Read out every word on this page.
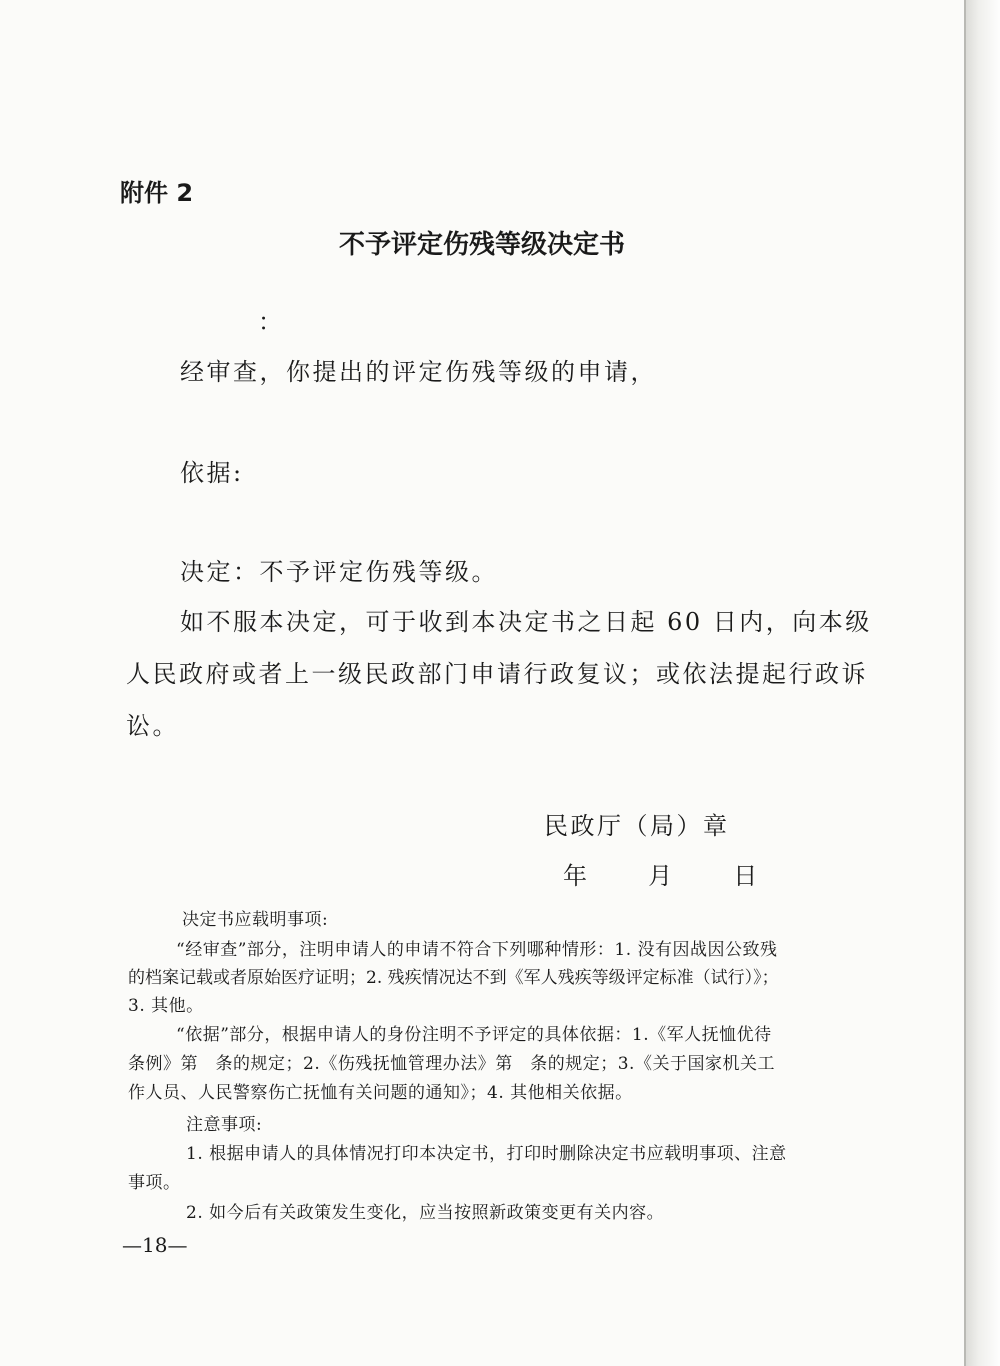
附件 2
不予评定伤残等级决定书
：
经审查，你提出的评定伤残等级的申请，
依据:
决定：不予评定伤残等级。
如不服本决定，可于收到本决定书之日起 60 日内，向本级
人民政府或者上一级民政部门申请行政复议；或依法提起行政诉
讼。
民政厅（局）章
年 　月 　日
决定书应载明事项:
“经审查”部分，注明申请人的申请不符合下列哪种情形：1. 没有因战因公致残
的档案记载或者原始医疗证明；2. 残疾情况达不到《军人残疾等级评定标准（试行）》；
3. 其他。
“依据”部分，根据申请人的身份注明不予评定的具体依据：1.《军人抚恤优待
条例》第　条的规定；2.《伤残抚恤管理办法》第　条的规定；3.《关于国家机关工
作人员、人民警察伤亡抚恤有关问题的通知》；4. 其他相关依据。
注意事项:
1. 根据申请人的具体情况打印本决定书，打印时删除决定书应载明事项、注意
事项。
2. 如今后有关政策发生变化，应当按照新政策变更有关内容。
—18—
